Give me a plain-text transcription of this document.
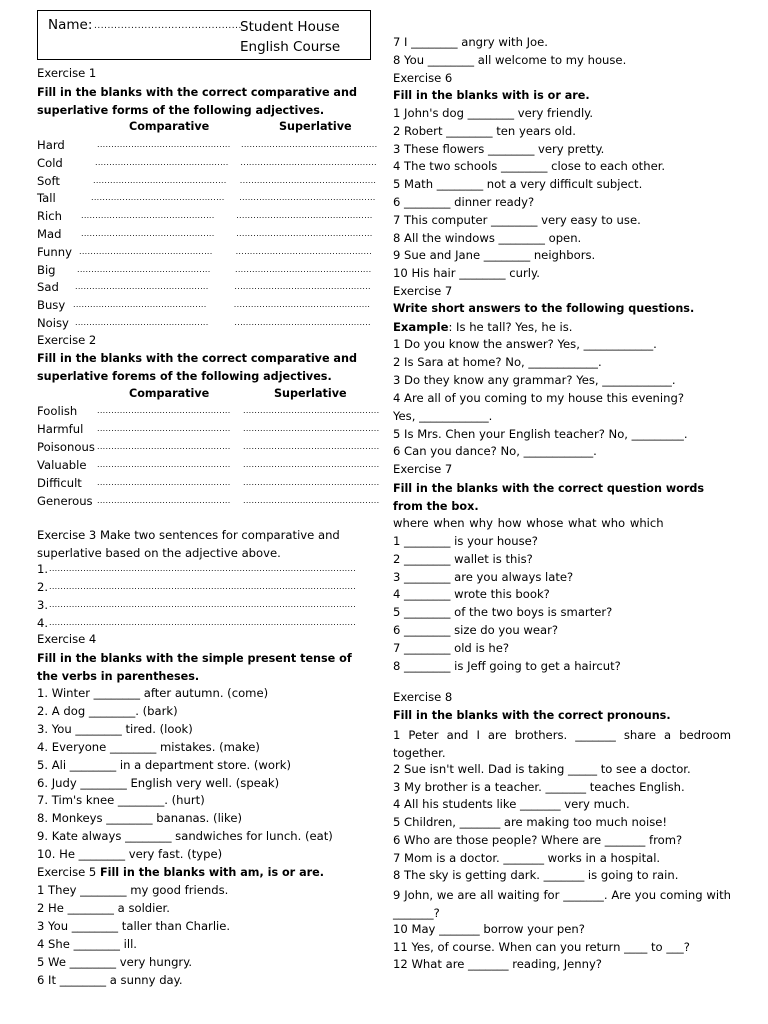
Name: ............................................
Student House
English Course
Exercise 1
Fill in the blanks with the correct comparative and superlative forms of the following adjectives.
Comparative	Superlative
Hard	............................................... ................................................
Cold	............................................... ................................................
Soft	............................................... ................................................
Tall	............................................... ................................................
Rich ...............................................	................................................
Mad ...............................................	................................................
Funny ...............................................	................................................
Big	...............................................	................................................
Sad ...............................................	................................................
Busy ...............................................	................................................
Noisy ...............................................	................................................
Exercise 2
Fill in the blanks with the correct comparative and superlative forems of the following adjectives.
Comparative	Superlative
Foolish ............................................... ................................................
Harmful ............................................... ................................................
Poisonous ............................................... ................................................
Valuable ............................................... ................................................
Difficult ............................................... ................................................
Generous ............................................... ................................................
Exercise 3 Make two sentences for comparative and superlative based on the adjective above.
1. ............................................................................................................
2. ............................................................................................................
3. ............................................................................................................
4. ............................................................................................................
Exercise 4
Fill in the blanks with the simple present tense of the verbs in parentheses.
1. Winter ________ after autumn. (come)
2. A dog ________. (bark)
3. You ________ tired. (look)
4. Everyone ________ mistakes. (make)
5. Ali ________ in a department store. (work)
6. Judy ________ English very well. (speak)
7. Tim's knee ________. (hurt)
8. Monkeys ________ bananas. (like)
9. Kate always ________ sandwiches for lunch. (eat)
10. He ________ very fast. (type)
Exercise 5 Fill in the blanks with am, is or are.
1 They ________ my good friends.
2 He ________ a soldier.
3 You ________ taller than Charlie.
4 She ________ ill.
5 We ________ very hungry.
6 It ________ a sunny day.
7 I ________ angry with Joe.
8 You ________ all welcome to my house.
Exercise 6
Fill in the blanks with is or are.
1 John's dog ________ very friendly.
2 Robert ________ ten years old.
3 These flowers ________ very pretty.
4 The two schools ________ close to each other.
5 Math ________ not a very difficult subject.
6 ________ dinner ready?
7 This computer ________ very easy to use.
8 All the windows ________ open.
9 Sue and Jane ________ neighbors.
10 His hair ________ curly.
Exercise 7
Write short answers to the following questions.
Example: Is he tall? Yes, he is.
1 Do you know the answer? Yes, ____________.
2 Is Sara at home? No, ____________.
3 Do they know any grammar? Yes, ____________.
4 Are all of you coming to my house this evening?
Yes, ____________.
5 Is Mrs. Chen your English teacher? No, _________.
6 Can you dance? No, ____________.
Exercise 7
Fill in the blanks with the correct question words from the box.
where when why how whose what who which
1 ________ is your house?
2 ________ wallet is this?
3 ________ are you always late?
4 ________ wrote this book?
5 ________ of the two boys is smarter?
6 ________ size do you wear?
7 ________ old is he?
8 ________ is Jeff going to get a haircut?
Exercise 8
Fill in the blanks with the correct pronouns.
1 Peter and I are brothers. _______ share a bedroom together.
2 Sue isn't well. Dad is taking _____ to see a doctor.
3 My brother is a teacher. _______ teaches English.
4 All his students like _______ very much.
5 Children, _______ are making too much noise!
6 Who are those people? Where are _______ from?
7 Mom is a doctor. _______ works in a hospital.
8 The sky is getting dark. _______ is going to rain.
9 John, we are all waiting for _______. Are you coming with _______?
10 May _______ borrow your pen?
11 Yes, of course. When can you return ____ to ___?
12 What are _______ reading, Jenny?
